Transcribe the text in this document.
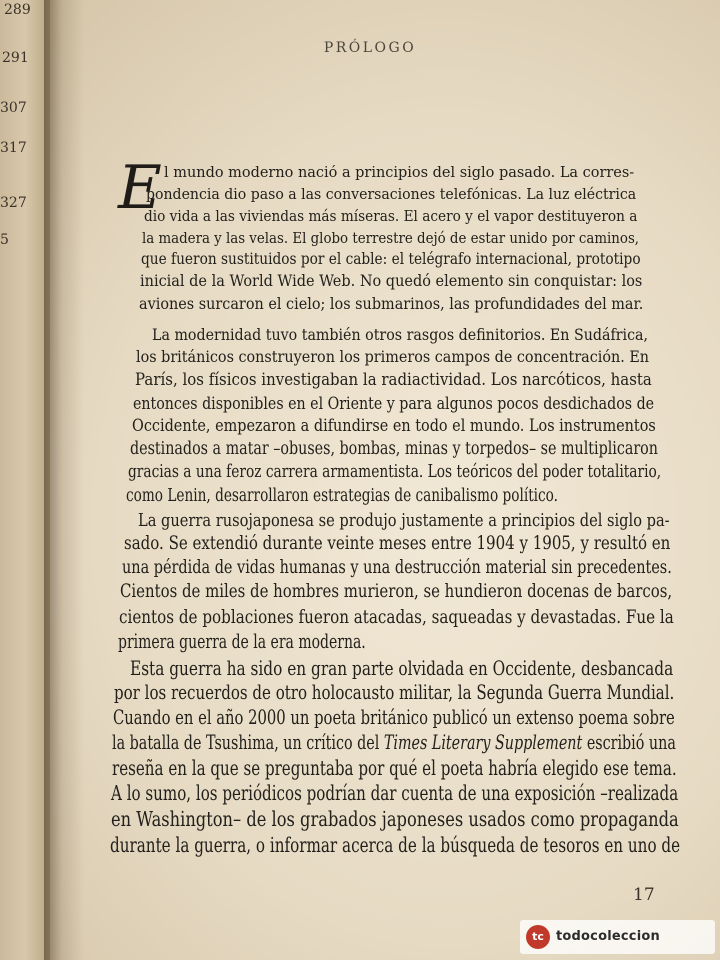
289
291
307
317
327
5
PRÓLOGO
E l mundo moderno nació a principios del siglo pasado. La corres-
pondencia dio paso a las conversaciones telefónicas. La luz eléctrica
dio vida a las viviendas más míseras. El acero y el vapor destituyeron a
la madera y las velas. El globo terrestre dejó de estar unido por caminos,
que fueron sustituidos por el cable: el telégrafo internacional, prototipo
inicial de la World Wide Web. No quedó elemento sin conquistar: los
aviones surcaron el cielo; los submarinos, las profundidades del mar.
La modernidad tuvo también otros rasgos definitorios. En Sudáfrica,
los británicos construyeron los primeros campos de concentración. En
París, los físicos investigaban la radiactividad. Los narcóticos, hasta
entonces disponibles en el Oriente y para algunos pocos desdichados de
Occidente, empezaron a difundirse en todo el mundo. Los instrumentos
destinados a matar –obuses, bombas, minas y torpedos– se multiplicaron
gracias a una feroz carrera armamentista. Los teóricos del poder totalitario,
como Lenin, desarrollaron estrategias de canibalismo político.
La guerra rusojaponesa se produjo justamente a principios del siglo pa-
sado. Se extendió durante veinte meses entre 1904 y 1905, y resultó en
una pérdida de vidas humanas y una destrucción material sin precedentes.
Cientos de miles de hombres murieron, se hundieron docenas de barcos,
cientos de poblaciones fueron atacadas, saqueadas y devastadas. Fue la
primera guerra de la era moderna.
Esta guerra ha sido en gran parte olvidada en Occidente, desbancada
por los recuerdos de otro holocausto militar, la Segunda Guerra Mundial.
Cuando en el año 2000 un poeta británico publicó un extenso poema sobre
la batalla de Tsushima, un crítico del Times Literary Supplement escribió una
reseña en la que se preguntaba por qué el poeta habría elegido ese tema.
A lo sumo, los periódicos podrían dar cuenta de una exposición –realizada
en Washington– de los grabados japoneses usados como propaganda
durante la guerra, o informar acerca de la búsqueda de tesoros en uno de
17
tc todocoleccion
